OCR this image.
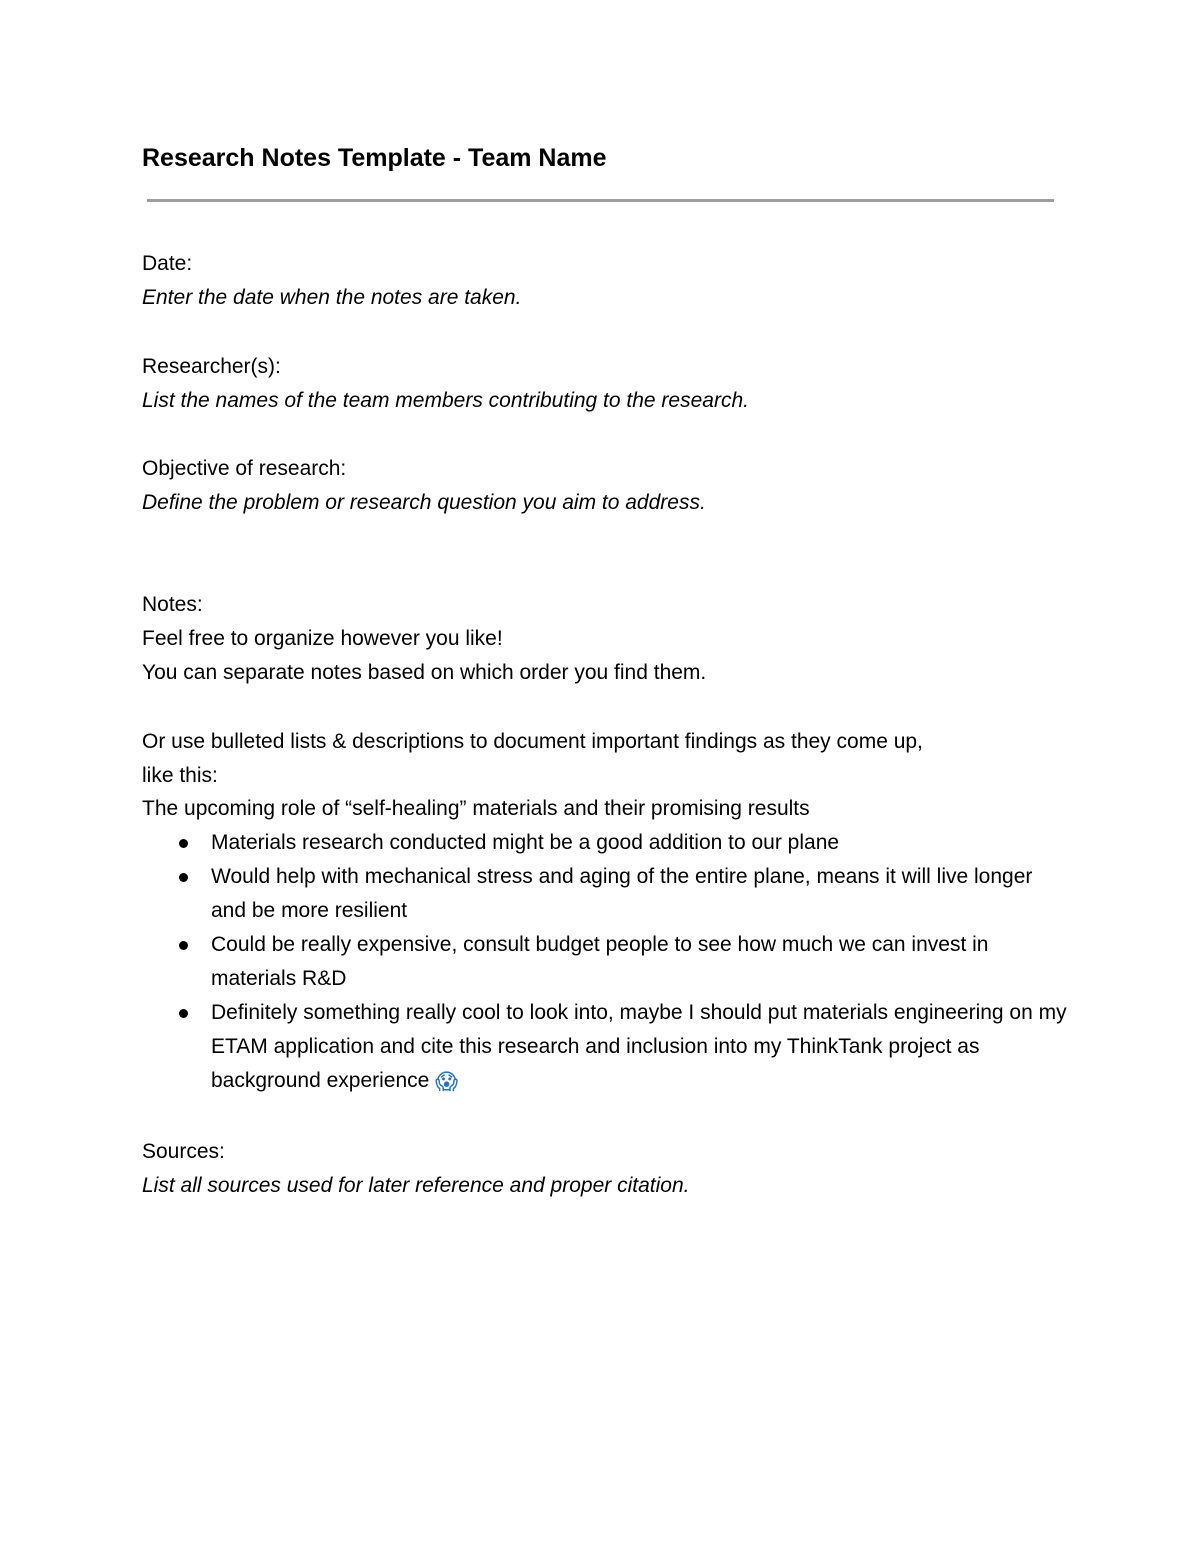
Research Notes Template - Team Name

Date:

Enter the date when the notes are taken.

Researcher(s):

List the names of the team members contributing to the research.

Objective of research:

Define the problem or research question you aim to address.

Notes:

Feel free to organize however you like!

You can separate notes based on which order you find them.

Or use bulleted lists & descriptions to document important findings as they come up,

like this:

The upcoming role of “self-healing” materials and their promising results

Materials research conducted might be a good addition to our plane
Would help with mechanical stress and aging of the entire plane, means it will live longer and be more resilient
Could be really expensive, consult budget people to see how much we can invest in materials R&D
Definitely something really cool to look into, maybe I should put materials engineering on my ETAM application and cite this research and inclusion into my ThinkTank project as background experience 😱

Sources:

List all sources used for later reference and proper citation.
